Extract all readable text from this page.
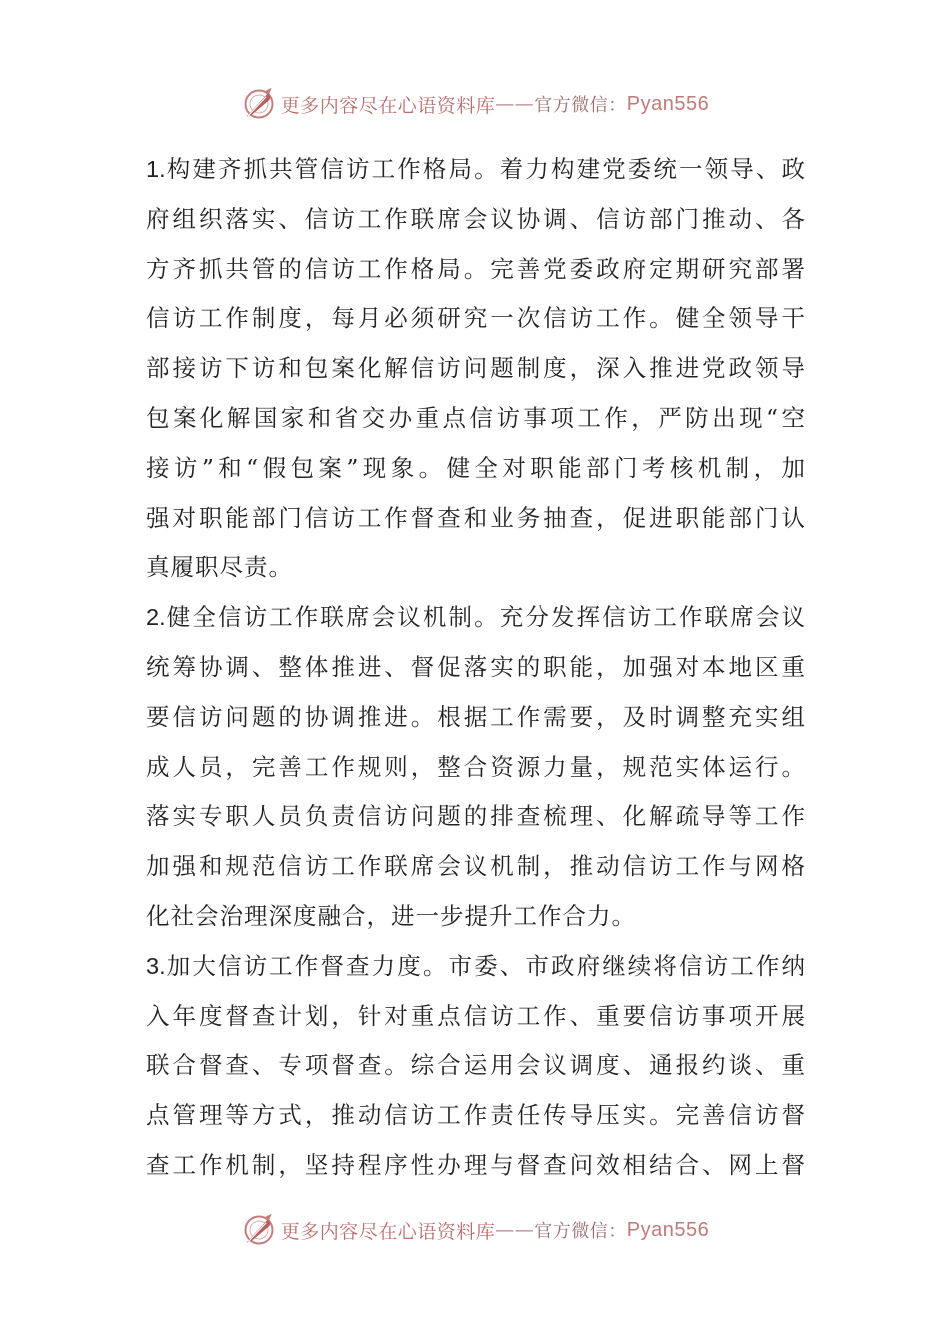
更多内容尽在心语资料库 —— 官方微信： Pyan556
1.构建齐抓共管信访工作格局。着力构建党委统一领导、政
府组织落实、信访工作联席会议协调、信访部门推动、各
方齐抓共管的信访工作格局。完善党委政府定期研究部署
信访工作制度，每月必须研究一次信访工作。健全领导干
部接访下访和包案化解信访问题制度，深入推进党政领导
包案化解国家和省交办重点信访事项工作，严防出现“空
接访”和“假包案”现象。健全对职能部门考核机制，加
强对职能部门信访工作督查和业务抽查，促进职能部门认
真履职尽责。
2.健全信访工作联席会议机制。充分发挥信访工作联席会议
统筹协调、整体推进、督促落实的职能，加强对本地区重
要信访问题的协调推进。根据工作需要，及时调整充实组
成人员，完善工作规则，整合资源力量，规范实体运行。
落实专职人员负责信访问题的排查梳理、化解疏导等工作
加强和规范信访工作联席会议机制，推动信访工作与网格
化社会治理深度融合，进一步提升工作合力。
3.加大信访工作督查力度。市委、市政府继续将信访工作纳
入年度督查计划，针对重点信访工作、重要信访事项开展
联合督查、专项督查。综合运用会议调度、通报约谈、重
点管理等方式，推动信访工作责任传导压实。完善信访督
查工作机制，坚持程序性办理与督查问效相结合、网上督
更多内容尽在心语资料库 —— 官方微信： Pyan556
